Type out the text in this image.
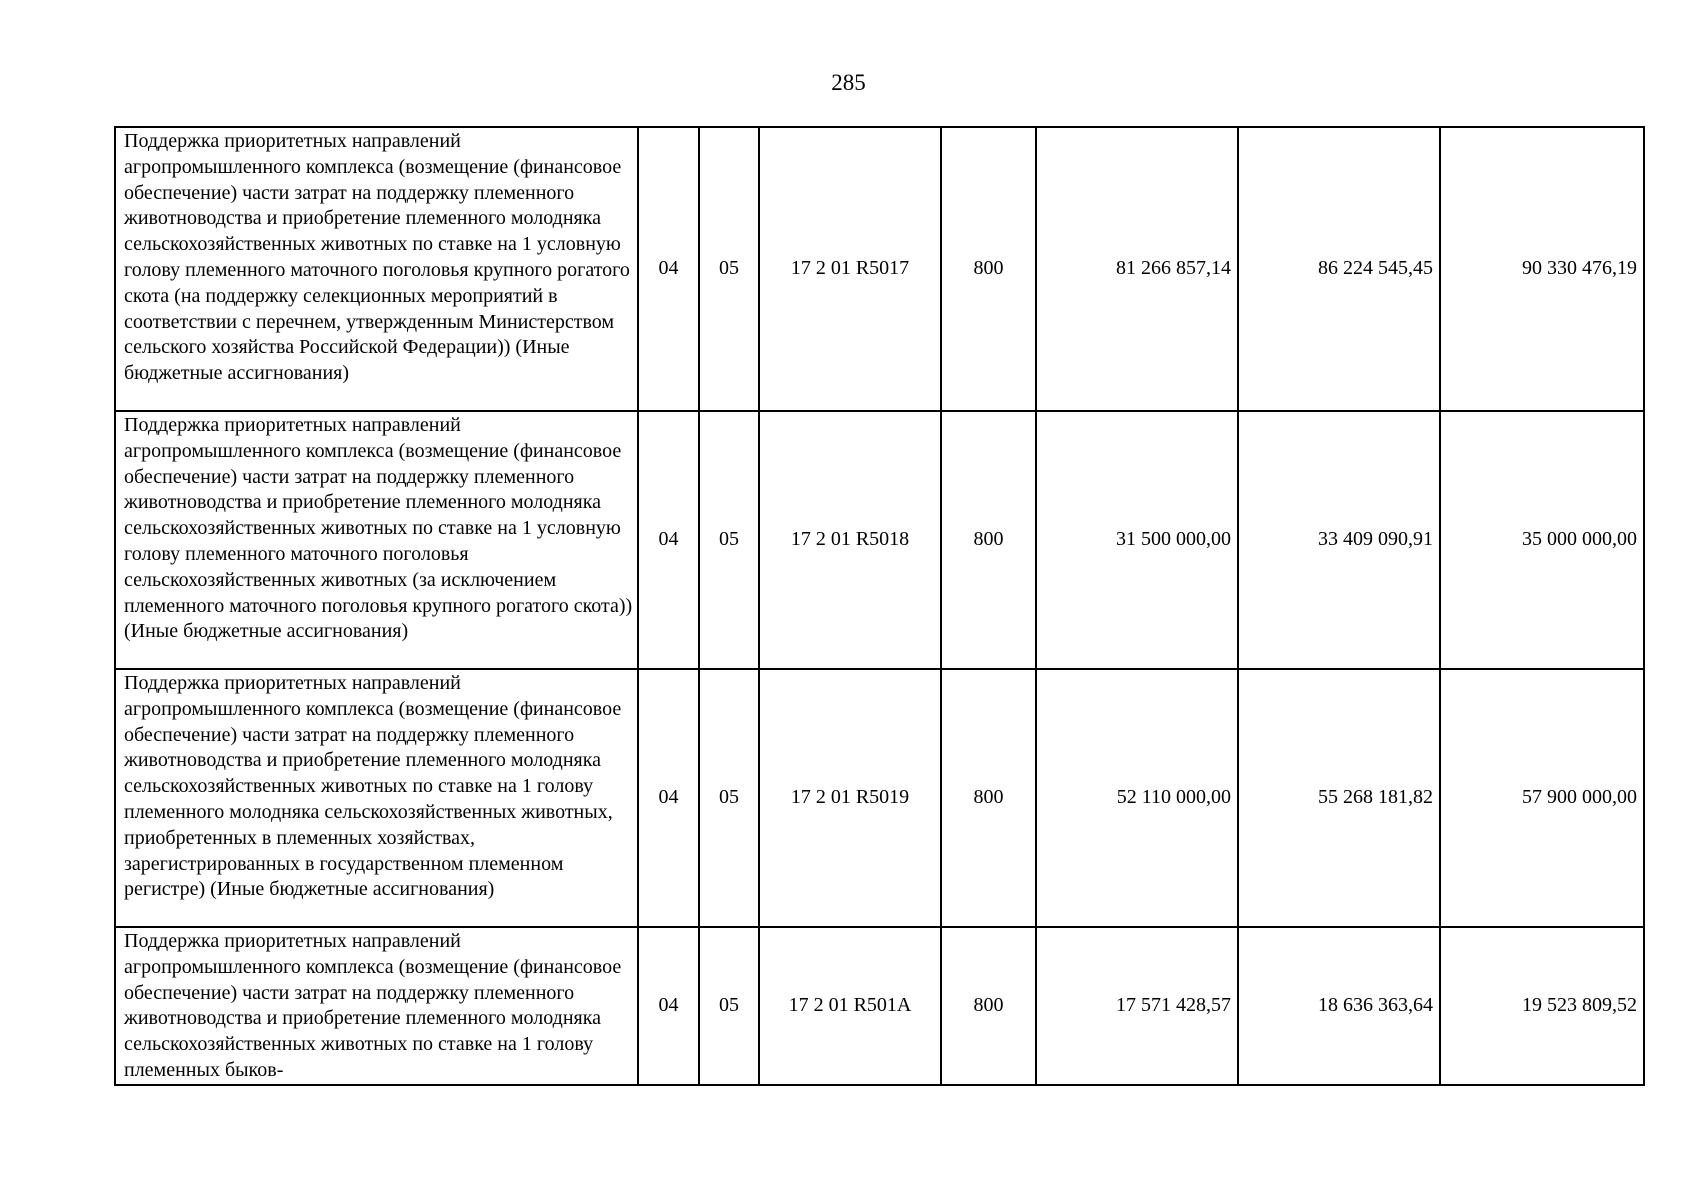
285
Поддержка приоритетных направлений агропромышленного комплекса (возмещение (финансовое обеспечение) части затрат на поддержку племенного животноводства и приобретение племенного молодняка сельскохозяйственных животных по ставке на 1 условную голову племенного маточного поголовья крупного рогатого скота (на поддержку селекционных мероприятий в соответствии с перечнем, утвержденным Министерством сельского хозяйства Российской Федерации)) (Иные бюджетные ассигнования)	04	05	17 2 01 R5017	800	81 266 857,14	86 224 545,45	90 330 476,19
Поддержка приоритетных направлений агропромышленного комплекса (возмещение (финансовое обеспечение) части затрат на поддержку племенного животноводства и приобретение племенного молодняка сельскохозяйственных животных по ставке на 1 условную голову племенного маточного поголовья сельскохозяйственных животных (за исключением племенного маточного поголовья крупного рогатого скота)) (Иные бюджетные ассигнования)	04	05	17 2 01 R5018	800	31 500 000,00	33 409 090,91	35 000 000,00
Поддержка приоритетных направлений агропромышленного комплекса (возмещение (финансовое обеспечение) части затрат на поддержку племенного животноводства и приобретение племенного молодняка сельскохозяйственных животных по ставке на 1 голову племенного молодняка сельскохозяйственных животных, приобретенных в племенных хозяйствах, зарегистрированных в государственном племенном регистре) (Иные бюджетные ассигнования)	04	05	17 2 01 R5019	800	52 110 000,00	55 268 181,82	57 900 000,00
Поддержка приоритетных направлений агропромышленного комплекса (возмещение (финансовое обеспечение) части затрат на поддержку племенного животноводства и приобретение племенного молодняка сельскохозяйственных животных по ставке на 1 голову племенных быков-	04	05	17 2 01 R501A	800	17 571 428,57	18 636 363,64	19 523 809,52
